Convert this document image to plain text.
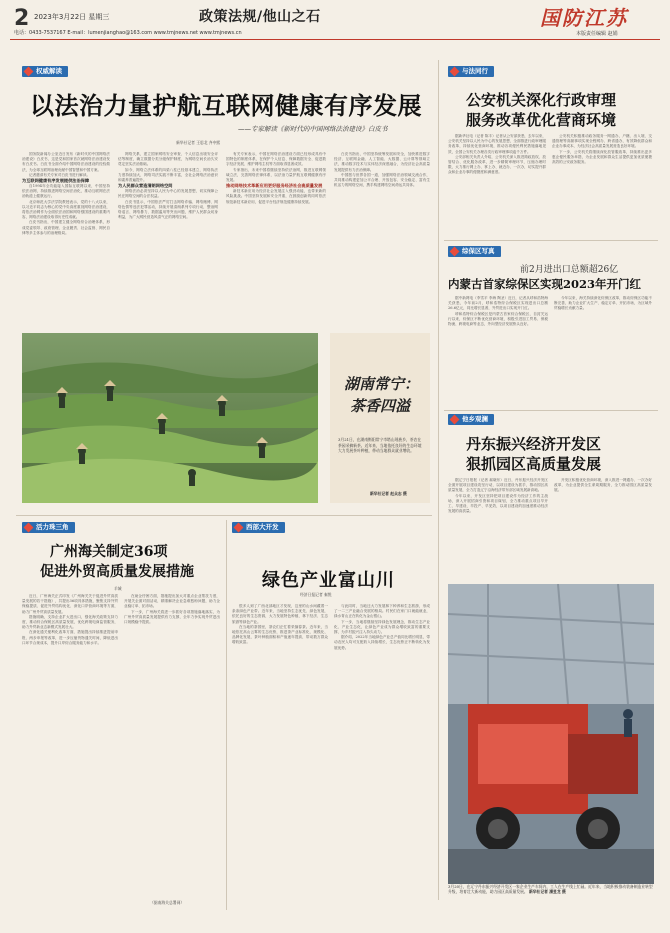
2 2023年3月22日 星期三	政策法规/他山之石	国防江苏
电话：0433-7537167 E-mail：lumenjianghao@163.com www.tmjnews.net www.tmjnews.cn	本版责任编辑 赵娟
权威解读
以法治力量护航互联网健康有序发展
——专家解读《新时代的中国网络法治建设》白皮书
新华社记者 王思北 齐中熙

国务院新闻办公室近日发布《新时代的中国网络法治建设》白皮书，这是党和国家首次就网络法治建设发布白皮书。白皮书全面介绍中国网络法治建设的经验做法，为全球互联网治理贡献中国智慧和中国方案。

记者邀请有关专家对白皮书进行解读。

为互联网健康有序发展提供法治保障

自1994年全功能接入国际互联网以来，中国坚持依法治网，持续推进网络空间法治化，推动互联网在法治轨道上健康运行。

北京师范大学法学院教授表示，党的十八大以来，以习近平同志为核心的党中央高度重视网络法治建设，将依法治网作为全面依法治国和网络强国建设的重要内容，网络法治建设取得历史性成就。

白皮书指出，中国建立健全网络综合治理体系，形成党委领导、政府管理、企业履责、社会监督、网民自律等多主体参与的治理格局。

网络关系，建立国家网络安全审查、个人信息出境安全评估等制度，确立数据分类分级保护制度，为网络空间长治久安奠定坚实法治基础。

如今，网络立法体系的四梁八柱已经基本建立，网络执法力度持续加大，网络司法实践不断丰富，全社会网络法治意识和素养普遍提升。

为人民群众营造清朗网络空间

网络法治必须坚持以人民为中心的发展思想，切实保障公民在网络空间的合法权益。

白皮书显示，中国依法严厉打击网络诈骗、网络赌博、网络色情等违法犯罪活动，持续开展清朗系列专项行动，整治网络谣言、网络暴力、数据滥用等突出问题，维护人民群众切身利益，为广大网民营造风清气正的网络空间。

有关专家表示，中国在网络法治建设方面已经形成具有中国特色的制度体系，在保护个人信息、保障数据安全、促进数字经济发展、维护网络主权等方面取得显著成效。

专家指出，未来中国将继续坚持依法治网，推进互联网领域立法，完善网络法律体系，以法治力量护航互联网健康有序发展。

推动网络技术革新应用更好服务经济社会高质量发展

新技术新应用为经济社会发展注入强劲动能，也带来新的风险挑战。中国坚持发展和安全并重，在鼓励创新的同时依法规范新技术新应用，促进平台经济规范健康持续发展。

白皮书指出，中国坚持统筹发展和安全，加快推进数字经济、互联网金融、人工智能、大数据、云计算等领域立法，推动数字技术与实体经济深度融合，为经济社会高质量发展提供有力法治保障。

中国愿与世界各国一道，加强网络法治领域交流合作，共同推动构建更加公平合理、开放包容、安全稳定、富有生机活力的网络空间，携手构建网络空间命运共同体。

湖南常宁：
茶香四溢
3月21日，在湖南衡阳常宁市塔山瑶族乡，茶农在茶园采摘新茶。近年来，当地依托良好的生态环境大力发展茶叶种植，带动当地群众就业增收。
新华社记者 赵众志 摄
与法同行
公安机关深化行政审理
服务改革优化营商环境

据新华社电（记者 陈丰）记者从公安部获悉，去年以来，公安机关坚持以人民为中心的发展思想，全面推进行政审理服务改革，持续优化营商环境，推动各项便民利民措施落地见效，全国公安机关办理各类行政审理事项逾千万件。

公安部相关负责人介绍，公安机关深入推进简政放权、放管结合、优化服务改革，进一步精简审理环节，压缩办理时限，大力推行网上办、掌上办、就近办、一次办，切实提升群众和企业办事的便捷度和满意度。

公安机关积极推动政务服务一网通办，户籍、出入境、交通管理等高频事项实现全程网办、跨省通办，有效降低群众和企业办事成本，为经济社会高质量发展营造良好环境。

下一步，公安机关将继续深化放管服改革，持续推出更多惠企便民服务举措，为企业发展和群众生活提供更加优质便捷高效的公安政务服务。

综保区写真
前2月进出口总额超26亿
内蒙古首家综保区实现2023年开门红

据中新网电（李雪平 李海 陶圣）近日，记者从呼和浩特海关获悉，今年前2月，呼和浩特综合保税区实现进出口总额26.6亿元，同比增长显著，外贸进出口实现开门红。

呼和浩特综合保税区是内蒙古首家综合保税区，自封关运行以来，综保区不断优化营商环境，积极引进加工贸易、保税物流、跨境电商等业态，外向型经济发展势头良好。

今年以来，海关持续深化综保区改革，推动综保区功能不断完善，助力企业扩大生产、稳定订单、开拓市场，为区域外贸稳增长贡献力量。

他乡观澜
丹东振兴经济开发区
狠抓园区高质量发展

据辽宁日报报（记者 郝晓东）近日，丹东振兴经济开发区全面开展项目建设攻坚行动，以项目建设为抓手，推动园区高质量发展，全力打造辽宁沿海经济带东部区域发展新高地。

今年以来，开发区坚持把项目建设作为经济工作的主战场，深入开展招商引资和项目谋划，全力推动重点项目早开工、早建设、早投产、早见效，以项目建设的加速度推动经济发展的高质量。

开发区积极优化营商环境，深入推进一网通办、一次办好改革，为企业提供全生命周期服务，全力推动园区高质量发展。

3月20日，在辽宁丹东振兴经济开发区一家企业生产车间内，工人在生产线上忙碌。近年来，当地积极推动装备制造业转型升级，培育壮大新动能，助力园区高质量发展。 新华社记者 潘昱龙 摄
活力珠三角
广州海关制定36项
促进外贸高质量发展措施
羊城

近日，广州海关正式印发《广州海关关于促进外贸高质量发展的若干措施》，共提出36项具体措施，聚焦支持外贸保稳提质、促进外贸结构优化、深化口岸营商环境等方面，助力广州外贸高质量发展。

措施明确，支持企业扩大进出口，强化海关政策支持力度，推动综合保税区高质量发展，优化跨境电商监管服务，助力外贸新业态新模式发展壮大。

在深化通关便利化改革方面，措施提出持续推进提前申报、两步申报等改革，进一步压缩货物通关时间，降低进出口环节合规成本，提升口岸综合服务能力和水平。

在助企纾困方面，措施提出加大对重点企业帮扶力度，开展关企面对面活动，精准解决企业急难愁盼问题，助力企业稳订单、拓市场。

下一步，广州海关将进一步抓好各项措施落地落实，为广州外贸高质量发展提供有力支撑，全年力争实现外贸进出口规模稳中提质。

（据南海关总署网）
西部大开发
绿色产业富山川
经济日报记者 秦悦

很多人到了广西北部地区才发现，这里的山水间藏着一条条绿色产业带。近年来，当地坚持生态优先、绿色发展，依托良好的生态资源，大力发展特色种植、林下经济、生态旅游等绿色产业。

在当地的茶园里，茶农们正忙着采摘春茶。近年来，当地依托高山云雾的生态优势，推进茶产业标准化、规模化、品牌化发展，茶叶种植面积和产值逐年提高，带动数万群众增收致富。

与此同时，当地还大力发展林下种养和生态旅游，形成了一二三产业融合发展的格局。村民们在家门口就能就业，绿水青山正在转化为金山银山。

下一步，当地将继续坚持绿色发展理念，推动生态产业化、产业生态化，让绿色产业成为群众增收致富的重要支撑，为乡村振兴注入持久动力。

据介绍，2022年当地绿色产业总产值同比增长明显，带动农民人均可支配收入持续增长，生态优势正不断转化为发展优势。
